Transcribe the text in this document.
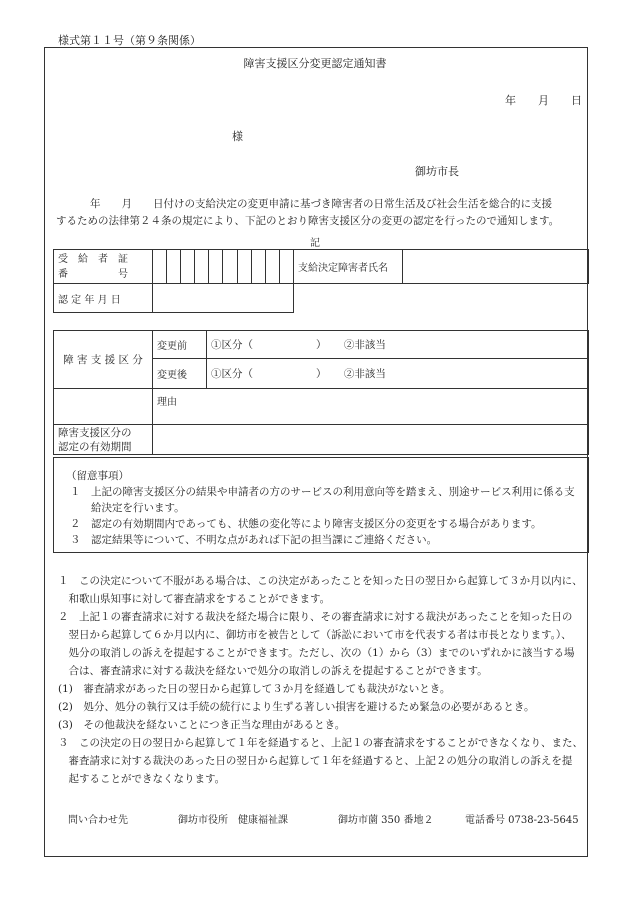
様式第１１号（第９条関係）
障害支援区分変更認定通知書
年 月 日
様
御坊市長
年　　月　　日付けの支給決定の変更申請に基づき障害者の日常生活及び社会生活を総合的に支援
するための法律第２４条の規定により、下記のとおり障害支援区分の変更の認定を行ったので通知します。
記
受　給　者　証
番　　　　　号		支給決定障害者氏名	
認 定 年 月 日			
障 害 支 援 区 分	変更前	①区分（　　　　　　） ②非該当
	変更後	①区分（　　　　　　） ②非該当
	理由	

障害支援区分の
認定の有効期間		

（留意事項）
１　上記の障害支援区分の結果や申請者の方のサービスの利用意向等を踏まえ、別途サービス利用に係る支
　　給決定を行います。
２　認定の有効期間内であっても、状態の変化等により障害支援区分の変更をする場合があります。
３　認定結果等について、不明な点があれば下記の担当課にご連絡ください。
１　この決定について不服がある場合は、この決定があったことを知った日の翌日から起算して３か月以内に、
　和歌山県知事に対して審査請求をすることができます。
２　上記１の審査請求に対する裁決を経た場合に限り、その審査請求に対する裁決があったことを知った日の
　翌日から起算して６か月以内に、御坊市を被告として（訴訟において市を代表する者は市長となります。）、
　処分の取消しの訴えを提起することができます。ただし、次の（1）から（3）までのいずれかに該当する場
　合は、審査請求に対する裁決を経ないで処分の取消しの訴えを提起することができます。
(1)　審査請求があった日の翌日から起算して３か月を経過しても裁決がないとき。
(2)　処分、処分の執行又は手続の続行により生ずる著しい損害を避けるため緊急の必要があるとき。
(3)　その他裁決を経ないことにつき正当な理由があるとき。
３　この決定の日の翌日から起算して１年を経過すると、上記１の審査請求をすることができなくなり、また、
　審査請求に対する裁決のあった日の翌日から起算して１年を経過すると、上記２の処分の取消しの訴えを提
　起することができなくなります。
問い合わせ先	御坊市役所　健康福祉課	御坊市薗 350 番地２	電話番号 0738-23-5645
